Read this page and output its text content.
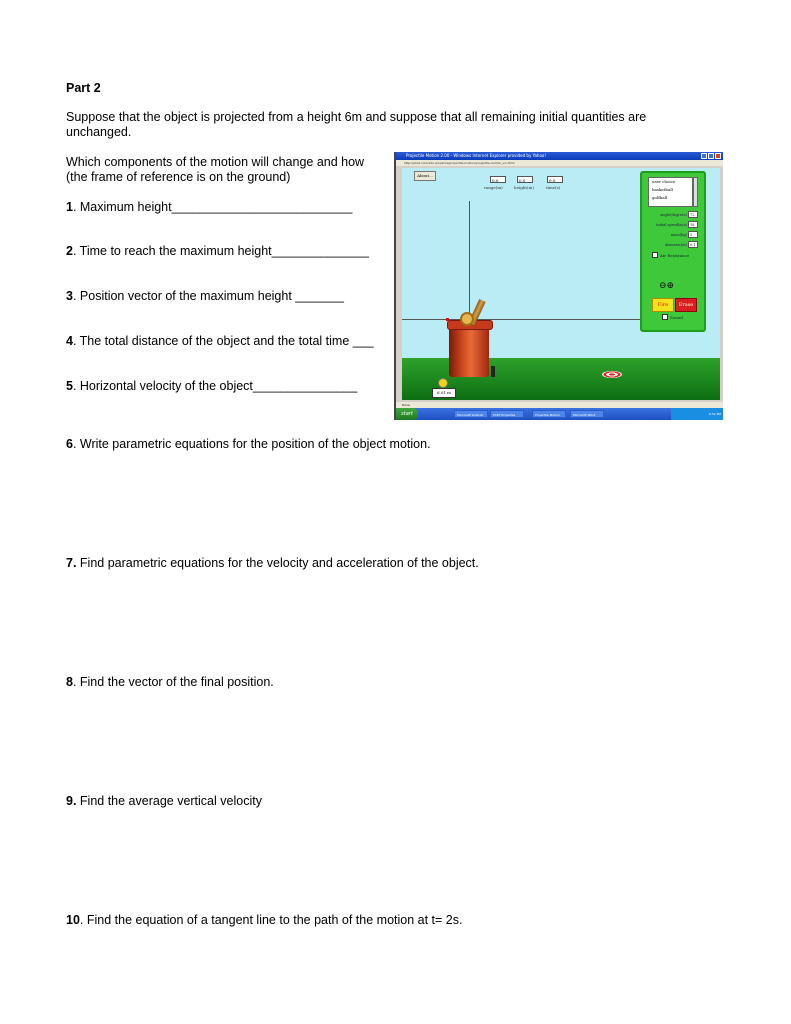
Part 2
Suppose that the object is projected from a height 6m and suppose that all remaining initial quantities are unchanged.
Which components of the motion will change and how
(the frame of reference is on the ground)
1. Maximum height__________________________
2. Time to reach the maximum height______________
3. Position vector of the maximum height _______
4. The total distance of the object and the total time ___
5. Horizontal velocity of the object_______________
6. Write parametric equations for the position of the object motion.
7. Find parametric equations for the velocity and acceleration of the object.
8. Find the vector of the final position.
9. Find the average vertical velocity
10. Find the equation of a tangent line to the path of the motion at t= 2s.
Projectile Motion 2.00 - Windows Internet Explorer provided by Yahoo!
http://phet.colorado.edu/sims/projectile-motion/projectile-motion_en.html
About...
0.0	0.0	0.0
range(m)	height(m)	time(s)
user choice
basketball
golfball
angle(degrees) 72
initial speed(m/s) 18
mass(kg) 2
diameter(m) 0.1
Air Resistance
⊖⊕
Fire	Erase
Sound
6.01 m
Done
start	Microsoft Outlook Web...
PhET Projectile Moti...
Projectile Motion 2.00...
Microsoft Word	6:52 PM
